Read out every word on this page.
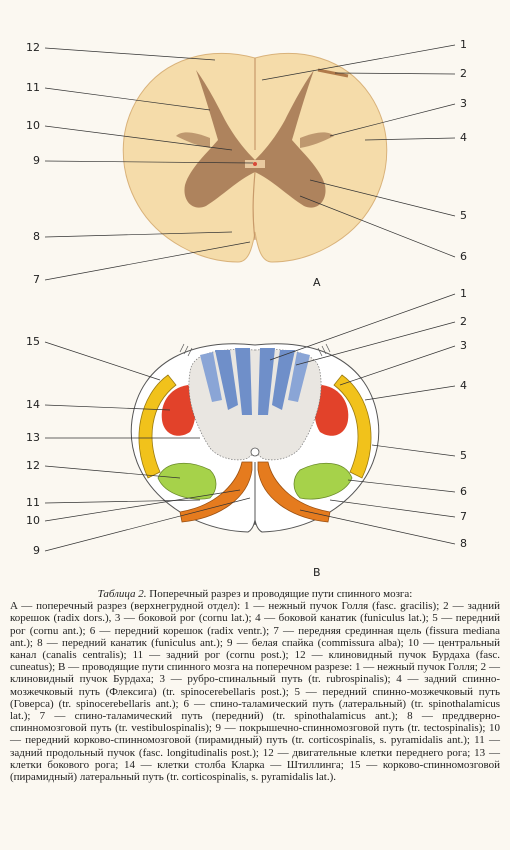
12
11
10
9
8
7
1
2
3
4
5
6
A
15
14
13
12
11
10
9
1
2
3
4
5
6
7
8
B
Таблица 2. Поперечный разрез и проводящие пути спинного мозга:

A — поперечный разрез (верхнегрудной отдел): 1 — нежный пучок Голля (fasc. gracilis); 2 — задний корешок (radix dors.), 3 — боковой рог (cornu lat.); 4 — боковой канатик (funiculus lat.); 5 — передний рог (cornu ant.); 6 — передний корешок (radix ventr.); 7 — передняя срединная щель (fissura mediana ant.); 8 — передний канатик (funiculus ant.); 9 — белая спайка (commissura alba); 10 — центральный канал (canalis centralis); 11 — задний рог (cornu post.); 12 — клиновидный пучок Бурдаха (fasc. cuneatus); B — проводящие пути спинного мозга на поперечном разрезе: 1 — нежный пучок Голля; 2 — клиновидный пучок Бурдаха; 3 — рубро-спинальный путь (tr. rubrospinalis); 4 — задний спинно-мозжечковый путь (Флексига) (tr. spinocerebellaris post.); 5 — передний спинно-мозжечковый путь (Говерса) (tr. spinocerebellaris ant.); 6 — спино-таламический путь (латеральный) (tr. spinothalamicus lat.); 7 — спино-таламический путь (передний) (tr. spinothalamicus ant.); 8 — преддверно-спинномозговой путь (tr. vestibulospinalis); 9 — покрышечно-спинномозговой путь (tr. tectospinalis); 10 — передний корково-спинномозговой (пирамидный) путь (tr. corticospinalis, s. pyramidalis ant.); 11 — задний продольный пучок (fasc. longitudinalis post.); 12 — двигательные клетки переднего рога; 13 — клетки бокового рога; 14 — клетки столба Кларка — Штиллинга; 15 — корково-спинномозговой (пирамидный) латеральный путь (tr. corticospinalis, s. pyramidalis lat.).
